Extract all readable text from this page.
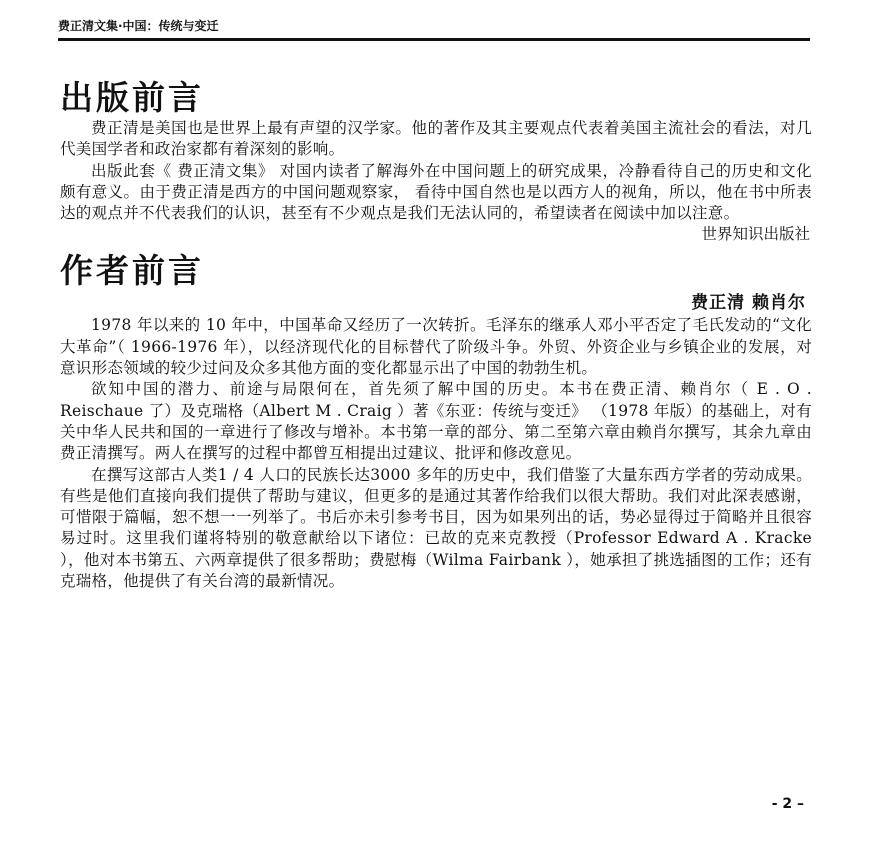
费正清文集·中国：传统与变迁
出版前言

费正清是美国也是世界上最有声望的汉学家。他的著作及其主要观点代表着美国主流社会的看法，对几代美国学者和政治家都有着深刻的影响。

出版此套《 费正清文集》 对国内读者了解海外在中国问题上的研究成果，冷静看待自己的历史和文化颇有意义。由于费正清是西方的中国问题观察家， 看待中国自然也是以西方人的视角，所以，他在书中所表达的观点并不代表我们的认识，甚至有不少观点是我们无法认同的，希望读者在阅读中加以注意。

世界知识出版社
作者前言
费正清 赖肖尔

1978 年以来的 10 年中，中国革命又经历了一次转折。毛泽东的继承人邓小平否定了毛氏发动的“文化大革命”（ 1966-1976 年），以经济现代化的目标替代了阶级斗争。外贸、外资企业与乡镇企业的发展，对意识形态领域的较少过问及众多其他方面的变化都显示出了中国的勃勃生机。

欲知中国的潜力、前途与局限何在，首先须了解中国的历史。本书在费正清、赖肖尔（ E . O . Reischaue 了）及克瑞格（Albert M . Craig ）著《东亚：传统与变迁》 （1978 年版）的基础上，对有关中华人民共和国的一章进行了修改与增补。本书第一章的部分、第二至第六章由赖肖尔撰写，其余九章由费正清撰写。两人在撰写的过程中都曾互相提出过建议、批评和修改意见。

在撰写这部古人类1 / 4 人口的民族长达3000 多年的历史中，我们借鉴了大量东西方学者的劳动成果。有些是他们直接向我们提供了帮助与建议，但更多的是通过其著作给我们以很大帮助。我们对此深表感谢，可惜限于篇幅，恕不想一一列举了。书后亦未引参考书目，因为如果列出的话，势必显得过于简略并且很容易过时。这里我们谨将特别的敬意献给以下诸位：已故的克来克教授（Professor Edward A . Kracke ），他对本书第五、六两章提供了很多帮助；费慰梅（Wilma Fairbank ），她承担了挑选插图的工作；还有克瑞格，他提供了有关台湾的最新情况。

- 2 –
